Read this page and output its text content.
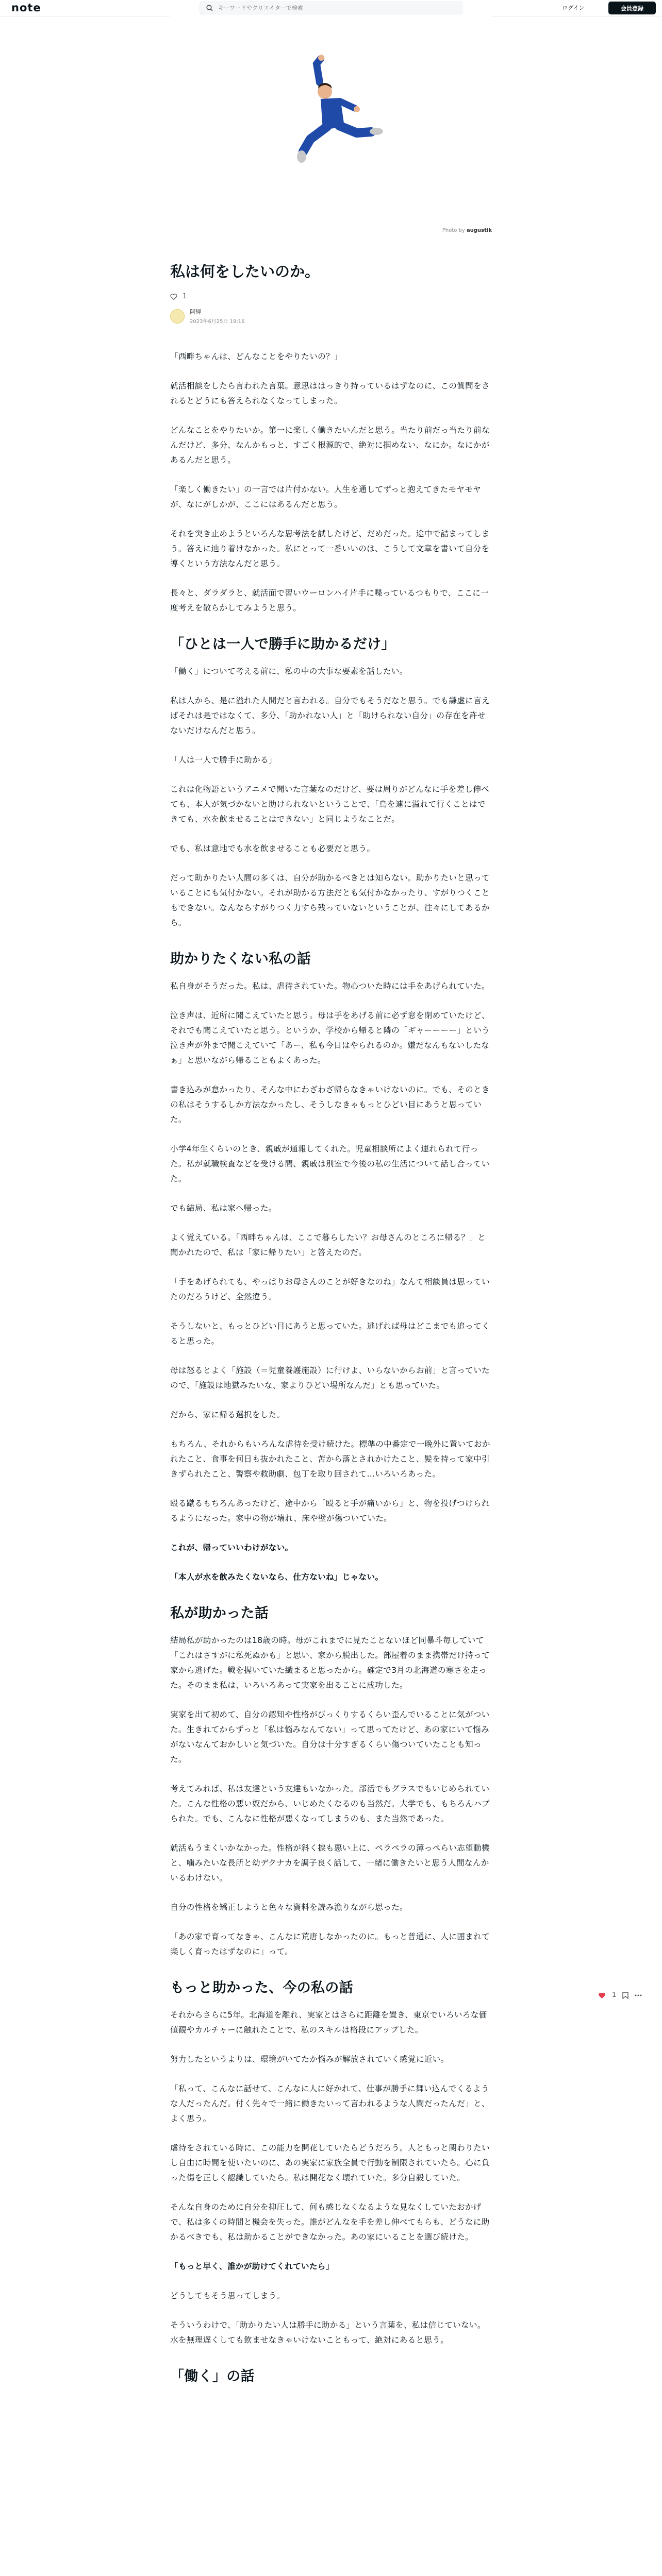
note
キーワードやクリエイターで検索	ログイン	会員登録
Photo by augustik
私は何をしたいのか。
1
阿輝
2023年6月25日 19:16

「西畔ちゃんは、どんなことをやりたいの？」

就活相談をしたら言われた言葉。意思ははっきり持っているはずなのに、この質問をされるとどうにも答えられなくなってしまった。

どんなことをやりたいか。第一に楽しく働きたいんだと思う。当たり前だっ当たり前なんだけど、多分、なんかもっと、すごく根源的で、絶対に掴めない、なにか。なにかがあるんだと思う。

「楽しく働きたい」の一言では片付かない。人生を通してずっと抱えてきたモヤモヤが、なにがしかが、ここにはあるんだと思う。

それを突き止めようといろんな思考法を試したけど、だめだった。途中で詰まってしまう。答えに辿り着けなかった。私にとって一番いいのは、こうして文章を書いて自分を導くという方法なんだと思う。

長々と、ダラダラと、就活面で習いウーロンハイ片手に喋っているつもりで、ここに一度考えを散らかしてみようと思う。

「ひとは一人で勝手に助かるだけ」

「働く」について考える前に、私の中の大事な要素を話したい。

私は人から、是に溢れた人間だと言われる。自分でもそうだなと思う。でも謙虚に言えばそれは是ではなくて、多分、「助かれない人」と「助けられない自分」の存在を許せないだけなんだと思う。

「人は一人で勝手に助かる」

これは化物語というアニメで聞いた言葉なのだけど、要は周りがどんなに手を差し伸べても、本人が気づかないと助けられないということで、「鳥を連に溢れて行くことはできても、水を飲ませることはできない」と同じようなことだ。

でも、私は意地でも水を飲ませることも必要だと思う。

だって助かりたい人間の多くは、自分が助かるべきとは知らない。助かりたいと思っていることにも気付かない。それが助かる方法だとも気付かなかったり、すがりつくこともできない。なんならすがりつく力すら残っていないということが、往々にしてあるから。

助かりたくない私の話

私自身がそうだった。私は、虐待されていた。物心ついた時には手をあげられていた。

泣き声は、近所に聞こえていたと思う。母は手をあげる前に必ず窓を閉めていたけど、それでも聞こえていたと思う。というか、学校から帰ると隣の「ギャーーーー」という泣き声が外まで聞こえていて「あー、私も今日はやられるのか。嫌だなんもないしたなぁ」と思いながら帰ることもよくあった。

書き込みが怠かったり、そんな中にわざわざ帰らなきゃいけないのに。でも、そのときの私はそうするしか方法なかったし、そうしなきゃもっとひどい目にあうと思っていた。

小学4年生くらいのとき、親戚が通報してくれた。児童相談所によく連れられて行った。私が就職検査などを受ける間、親戚は別室で今後の私の生活について話し合っていた。

でも結局、私は家へ帰った。

よく覚えている。「西畔ちゃんは、ここで暮らしたい？お母さんのところに帰る？」と聞かれたので、私は「家に帰りたい」と答えたのだ。

「手をあげられても、やっぱりお母さんのことが好きなのね」なんて相談員は思っていたのだろうけど、全然違う。

そうしないと、もっとひどい目にあうと思っていた。逃げれば母はどこまでも追ってくると思った。

母は怒るとよく「施設（＝児童養護施設）に行けよ、いらないからお前」と言っていたので、「施設は地獄みたいな、家よりひどい場所なんだ」とも思っていた。

だから、家に帰る選択をした。

もちろん、それからもいろんな虐待を受け続けた。標準の中番定で一晩外に置いておかれたこと、食事を何日も抜かれたこと、苦から落とされかけたこと、髪を持って家中引きずられたこと、警察や救助劇、包丁を取り回されて…いろいろあった。

殴る蹴るもちろんあったけど、途中から「殴ると手が痛いから」と、物を投げつけられるようになった。家中の物が壊れ、床や壁が傷ついていた。

これが、帰っていいわけがない。

「本人が水を飲みたくないなら、仕方ないね」じゃない。

私が助かった話

結局私が助かったのは18歳の時。母がこれまでに見たことないほど同暴斗毎していて「これはさすがに私死ぬかも」と思い、家から脱出した。部屋着のまま携帯だけ持って家から逃げた。戦を握いていた繊まると思ったから。確定で3月の北海道の寒さを走った。そのまま私は、いろいろあって実家を出ることに成功した。

実家を出て初めて、自分の認知や性格がびっくりするくらい歪んでいることに気がついた。生きれてからずっと「私は悩みなんてない」って思ってたけど、あの家にいて悩みがないなんておかしいと気づいた。自分は十分すぎるくらい傷ついていたことも知った。

考えてみれば、私は友達という友達もいなかった。部活でもグラスでもいじめられていた。こんな性格の悪い奴だから、いじめたくなるのも当然だ。大学でも、もちろんハブられた。でも、こんなに性格が悪くなってしまうのも、また当然であった。

就活もうまくいかなかった。性格が斜く捩も悪い上に、ペラペラの薄っぺらい志望動機と、噛みたいな長所と幼デクナカを調子良く話して、一緒に働きたいと思う人間なんかいるわけない。

自分の性格を矯正しようと色々な資料を読み漁りながら思った。

「あの家で育ってなきゃ、こんなに荒唐しなかったのに。もっと普通に、人に囲まれて楽しく育ったはずなのに」って。

もっと助かった、今の私の話

それからさらに5年。北海道を離れ、実家とはさらに距離を置き、東京でいろいろな価値観やカルチャーに触れたことで、私のスキルは格段にアップした。

努力したというよりは、環境がいてたか悩みが解放されていく感覚に近い。

「私って、こんなに話せて、こんなに人に好かれて、仕事が勝手に舞い込んでくるような人だったんだ。付く先々で一緒に働きたいって言われるような人間だったんだ」と、よく思う。

虐待をされている時に、この能力を開花していたらどうだろう。人ともっと関わりたいし自由に時間を使いたいのに、あの実家に家族全員で行動を制限されていたら。心に負った傷を正しく認識していたら。私は開花なく壊れていた。多分自殺していた。

そんな自身のために自分を抑圧して、何も感じなくなるような見なくしていたおかげで、私は多くの時間と機会を失った。誰がどんなを手を差し伸べてもらも、どうなに助かるべきでも、私は助かることができなかった。あの家にいることを選び続けた。

「もっと早く、誰かが助けてくれていたら」

どうしてもそう思ってしまう。

そういうわけで、「助かりたい人は勝手に助かる」という言葉を、私は信じていない。水を無理遅くしても飲ませなきゃいけないこともって、絶対にあると思う。

「働く」の話
1
